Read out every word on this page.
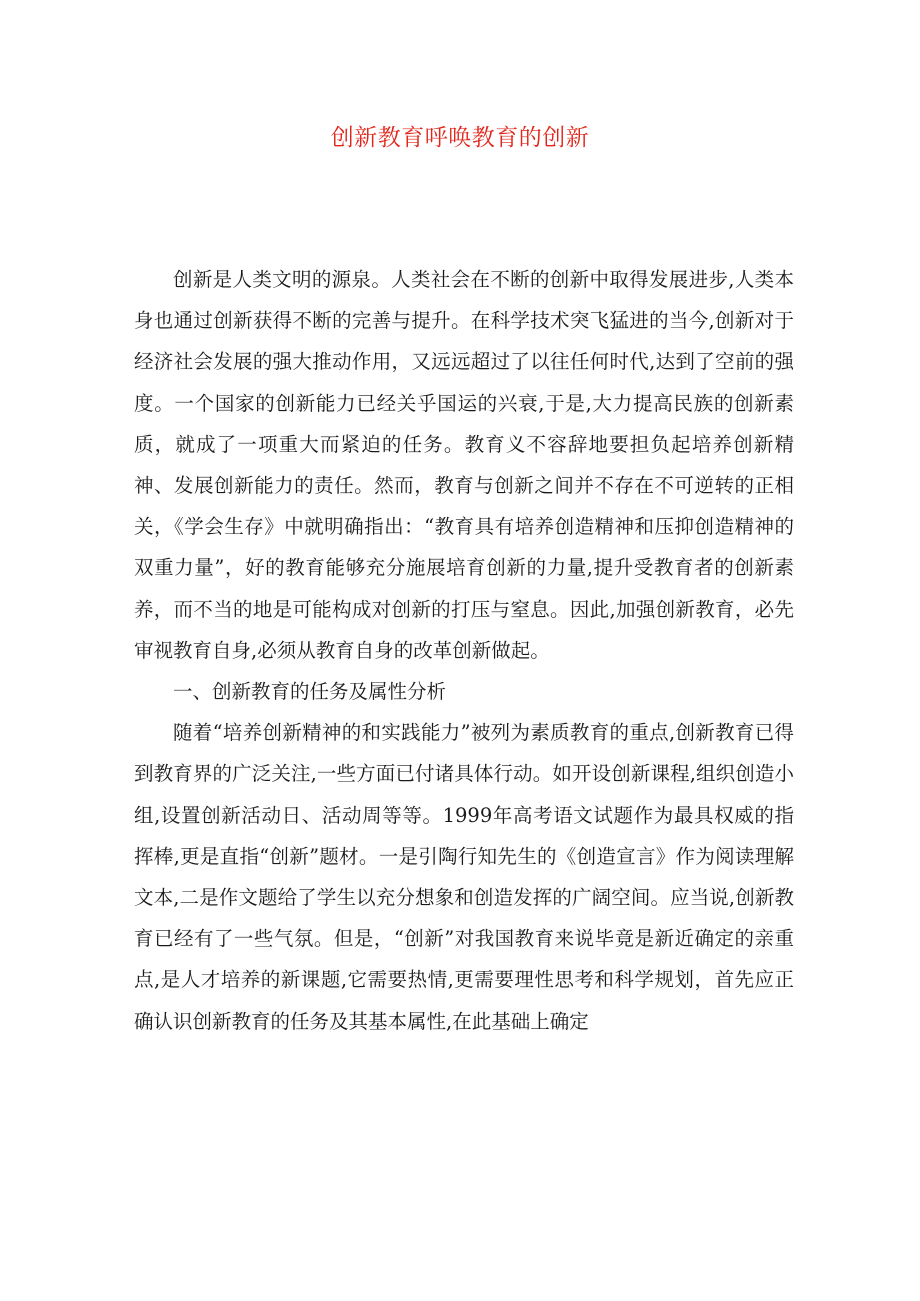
创新教育呼唤教育的创新

创新是人类文明的源泉。人类社会在不断的创新中取得发展进步,人类本身也通过创新获得不断的完善与提升。在科学技术突飞猛进的当今,创新对于经济社会发展的强大推动作用，又远远超过了以往任何时代,达到了空前的强度。一个国家的创新能力已经关乎国运的兴衰,于是,大力提高民族的创新素质，就成了一项重大而紧迫的任务。教育义不容辞地要担负起培养创新精神、发展创新能力的责任。然而，教育与创新之间并不存在不可逆转的正相关，《学会生存》中就明确指出：“教育具有培养创造精神和压抑创造精神的双重力量”，好的教育能够充分施展培育创新的力量,提升受教育者的创新素养，而不当的地是可能构成对创新的打压与窒息。因此,加强创新教育，必先审视教育自身,必须从教育自身的改革创新做起。

一、创新教育的任务及属性分析

随着“培养创新精神的和实践能力”被列为素质教育的重点,创新教育已得到教育界的广泛关注,一些方面已付诸具体行动。如开设创新课程,组织创造小组,设置创新活动日、活动周等等。1999年高考语文试题作为最具权威的指挥棒,更是直指“创新”题材。一是引陶行知先生的《创造宣言》作为阅读理解文本,二是作文题给了学生以充分想象和创造发挥的广阔空间。应当说,创新教育已经有了一些气氛。但是，“创新”对我国教育来说毕竟是新近确定的亲重点,是人才培养的新课题,它需要热情,更需要理性思考和科学规划，首先应正确认识创新教育的任务及其基本属性,在此基础上确定
